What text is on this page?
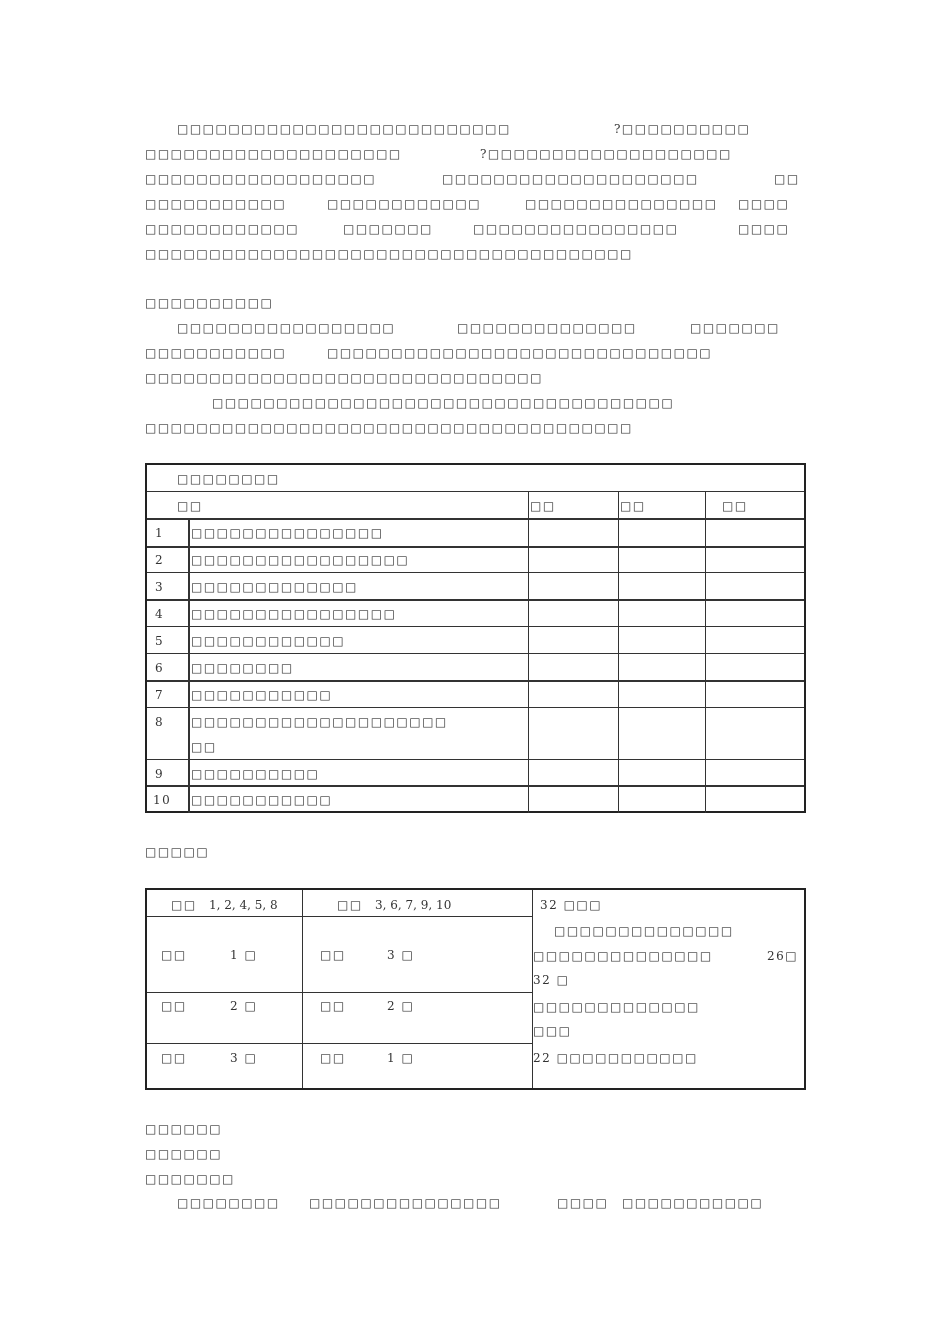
□□□□□□□□□□□□□□□□□□□□□□□□□□	?□□□□□□□□□□
□□□□□□□□□□□□□□□□□□□□	?□□□□□□□□□□□□□□□□□□□
□□□□□□□□□□□□□□□□□□	□□□□□□□□□□□□□□□□□□□□	□□
□□□□□□□□□□□	□□□□□□□□□□□□	□□□□□□□□□□□□□□□ □□□□
□□□□□□□□□□□□	□□□□□□□	□□□□□□□□□□□□□□□□	□□□□
□□□□□□□□□□□□□□□□□□□□□□□□□□□□□□□□□□□□□□
□□□□□□□□□□
□□□□□□□□□□□□□□□□□	□□□□□□□□□□□□□□	□□□□□□□
□□□□□□□□□□□	□□□□□□□□□□□□□□□□□□□□□□□□□□□□□□
□□□□□□□□□□□□□□□□□□□□□□□□□□□□□□□
□□□□□□□□□□□□□□□□□□□□□□□□□□□□□□□□□□□□
□□□□□□□□□□□□□□□□□□□□□□□□□□□□□□□□□□□□□□
□□□□□□□□
□□	□□	□□	□□
1 □□□□□□□□□□□□□□□
2 □□□□□□□□□□□□□□□□□
3 □□□□□□□□□□□□□
4 □□□□□□□□□□□□□□□□
5 □□□□□□□□□□□□
6 □□□□□□□□
7 □□□□□□□□□□□
8 □□□□□□□□□□□□□□□□□□□□
□□
9 □□□□□□□□□□
10 □□□□□□□□□□□
□□□□□
□□ 1, 2, 4, 5, 8	□□ 3, 6, 7, 9, 10
□□	1 □	□□	3 □
□□	2 □	□□	2 □
□□	3 □	□□	1 □
32 □□□
□□□□□□□□□□□□□□
□□□□□□□□□□□□□□	26□
32 □
□□□□□□□□□□□□□
□□□
22 □□□□□□□□□□□
□□□□□□
□□□□□□
□□□□□□□
□□□□□□□□ □□□□□□□□□□□□□□□	□□□□ □□□□□□□□□□□
